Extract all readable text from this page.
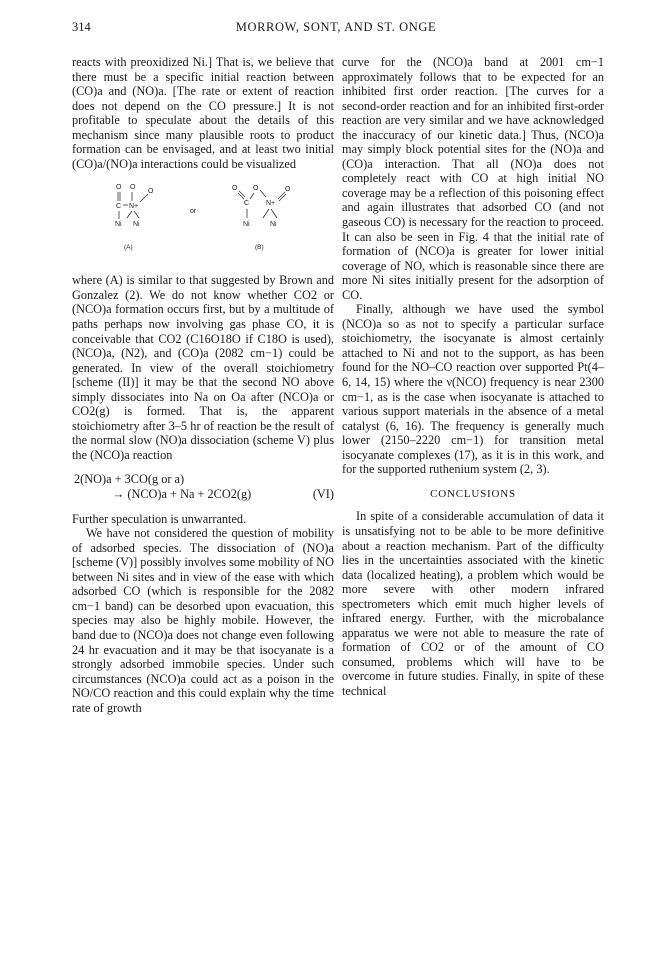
314	MORROW, SONT, AND ST. ONGE

reacts with preoxidized Ni.] That is, we believe that there must be a specific initial reaction between (CO)a and (NO)a. [The rate or extent of reaction does not depend on the CO pressure.] It is not profitable to speculate about the details of this mechanism since many plausible roots to product formation can be envisaged, and at least two initial (CO)a/(NO)a interactions could be visualized

O O
C N+
O
Ni Ni
(A)
or
O
C
O
N+
O
Ni	Ni
(B)

where (A) is similar to that suggested by Brown and Gonzalez (2). We do not know whether CO2 or (NCO)a formation occurs first, but by a multitude of paths perhaps now involving gas phase CO, it is conceivable that CO2 (C16O18O if C18O is used), (NCO)a, (N2), and (CO)a (2082 cm−1) could be generated. In view of the overall stoichiometry [scheme (II)] it may be that the second NO above simply dissociates into Na on Oa after (NCO)a or CO2(g) is formed. That is, the apparent stoichiometry after 3–5 hr of reaction be the result of the normal slow (NO)a dissociation (scheme V) plus the (NCO)a reaction

2(NO)a + 3CO(g or a)
→ (NCO)a + Na + 2CO2(g)	(VI)

Further speculation is unwarranted.

We have not considered the question of mobility of adsorbed species. The dissociation of (NO)a [scheme (V)] possibly involves some mobility of NO between Ni sites and in view of the ease with which adsorbed CO (which is responsible for the 2082 cm−1 band) can be desorbed upon evacuation, this species may also be highly mobile. However, the band due to (NCO)a does not change even following 24 hr evacuation and it may be that isocyanate is a strongly adsorbed immobile species. Under such circumstances (NCO)a could act as a poison in the NO/CO reaction and this could explain why the time rate of growth

curve for the (NCO)a band at 2001 cm−1 approximately follows that to be expected for an inhibited first order reaction. [The curves for a second-order reaction and for an inhibited first-order reaction are very similar and we have acknowledged the inaccuracy of our kinetic data.] Thus, (NCO)a may simply block potential sites for the (NO)a and (CO)a interaction. That all (NO)a does not completely react with CO at high initial NO coverage may be a reflection of this poisoning effect and again illustrates that adsorbed CO (and not gaseous CO) is necessary for the reaction to proceed. It can also be seen in Fig. 4 that the initial rate of formation of (NCO)a is greater for lower initial coverage of NO, which is reasonable since there are more Ni sites initially present for the adsorption of CO.

Finally, although we have used the symbol (NCO)a so as not to specify a particular surface stoichiometry, the isocyanate is almost certainly attached to Ni and not to the support, as has been found for the NO–CO reaction over supported Pt(4–6, 14, 15) where the ν(NCO) frequency is near 2300 cm−1, as is the case when isocyanate is attached to various support materials in the absence of a metal catalyst (6, 16). The frequency is generally much lower (2150–2220 cm−1) for transition metal isocyanate complexes (17), as it is in this work, and for the supported ruthenium system (2, 3).

CONCLUSIONS

In spite of a considerable accumulation of data it is unsatisfying not to be able to be more definitive about a reaction mechanism. Part of the difficulty lies in the uncertainties associated with the kinetic data (localized heating), a problem which would be more severe with other modern infrared spectrometers which emit much higher levels of infrared energy. Further, with the microbalance apparatus we were not able to measure the rate of formation of CO2 or of the amount of CO consumed, problems which will have to be overcome in future studies. Finally, in spite of these technical
